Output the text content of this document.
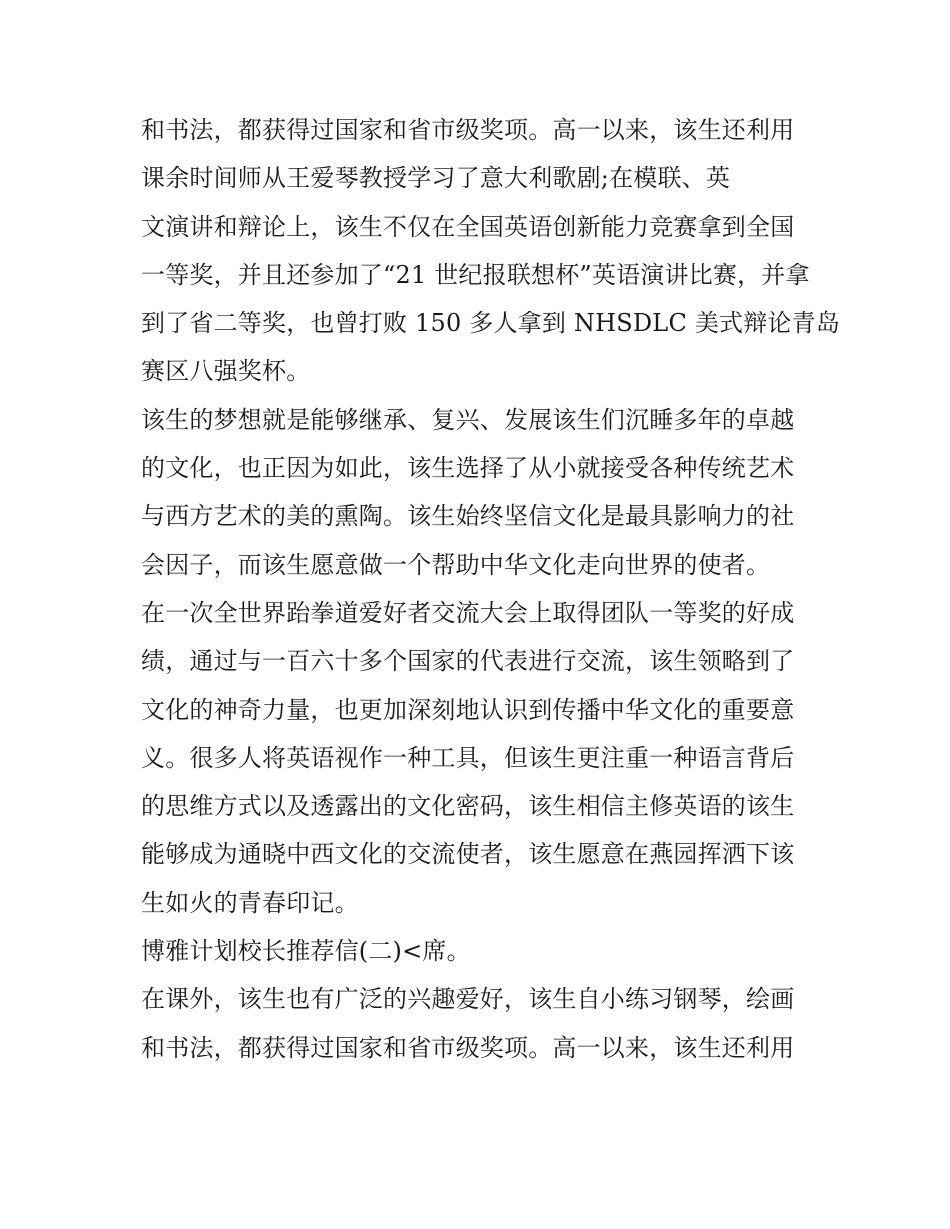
和书法，都获得过国家和省市级奖项。高一以来，该生还利用
课余时间师从王爱琴教授学习了意大利歌剧;在模联、英
文演讲和辩论上，该生不仅在全国英语创新能力竞赛拿到全国
一等奖，并且还参加了“21 世纪报联想杯”英语演讲比赛，并拿
到了省二等奖，也曾打败 150 多人拿到 NHSDLC 美式辩论青岛
赛区八强奖杯。
该生的梦想就是能够继承、复兴、发展该生们沉睡多年的卓越
的文化，也正因为如此，该生选择了从小就接受各种传统艺术
与西方艺术的美的熏陶。该生始终坚信文化是最具影响力的社
会因子，而该生愿意做一个帮助中华文化走向世界的使者。
在一次全世界跆拳道爱好者交流大会上取得团队一等奖的好成
绩，通过与一百六十多个国家的代表进行交流，该生领略到了
文化的神奇力量，也更加深刻地认识到传播中华文化的重要意
义。很多人将英语视作一种工具，但该生更注重一种语言背后
的思维方式以及透露出的文化密码，该生相信主修英语的该生
能够成为通晓中西文化的交流使者，该生愿意在燕园挥洒下该
生如火的青春印记。
博雅计划校长推荐信(二)<席。
在课外，该生也有广泛的兴趣爱好，该生自小练习钢琴，绘画
和书法，都获得过国家和省市级奖项。高一以来，该生还利用
